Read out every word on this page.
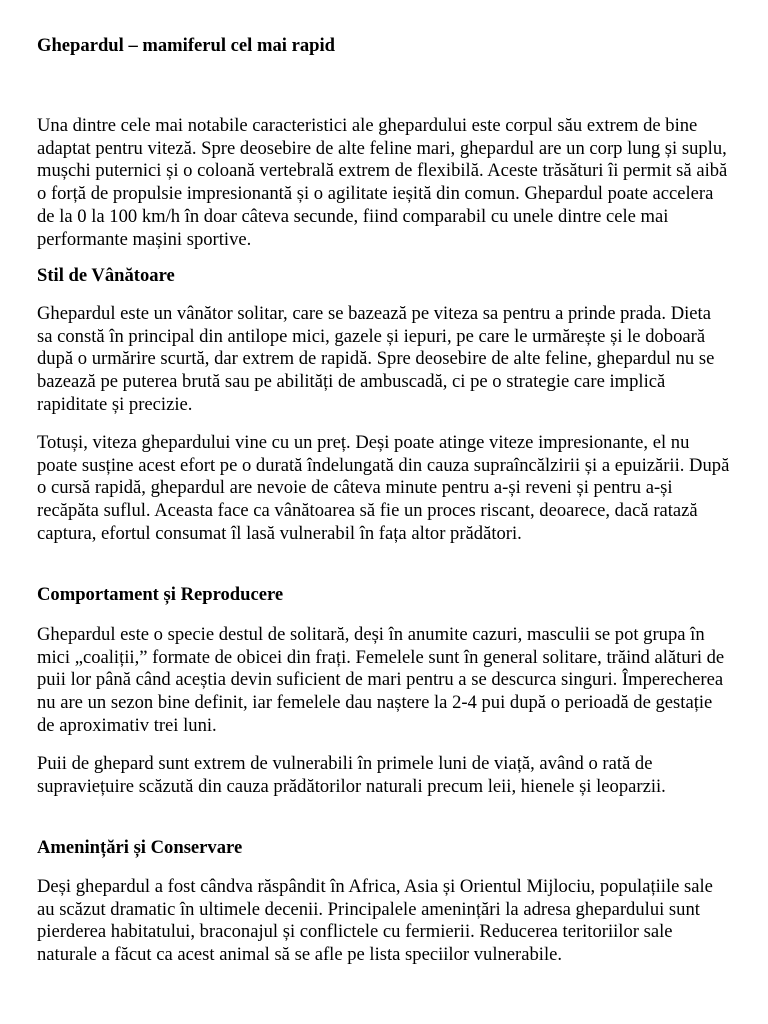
Ghepardul – mamiferul cel mai rapid

Una dintre cele mai notabile caracteristici ale ghepardului este corpul său extrem de bine adaptat pentru viteză. Spre deosebire de alte feline mari, ghepardul are un corp lung și suplu, mușchi puternici și o coloană vertebrală extrem de flexibilă. Aceste trăsături îi permit să aibă o forță de propulsie impresionantă și o agilitate ieșită din comun. Ghepardul poate accelera de la 0 la 100 km/h în doar câteva secunde, fiind comparabil cu unele dintre cele mai performante mașini sportive.

Stil de Vânătoare

Ghepardul este un vânător solitar, care se bazează pe viteza sa pentru a prinde prada. Dieta sa constă în principal din antilope mici, gazele și iepuri, pe care le urmărește și le doboară după o urmărire scurtă, dar extrem de rapidă. Spre deosebire de alte feline, ghepardul nu se bazează pe puterea brută sau pe abilități de ambuscadă, ci pe o strategie care implică rapiditate și precizie.

Totuși, viteza ghepardului vine cu un preț. Deși poate atinge viteze impresionante, el nu poate susține acest efort pe o durată îndelungată din cauza supraîncălzirii și a epuizării. După o cursă rapidă, ghepardul are nevoie de câteva minute pentru a-și reveni și pentru a-și recăpăta suflul. Aceasta face ca vânătoarea să fie un proces riscant, deoarece, dacă ratază captura, efortul consumat îl lasă vulnerabil în fața altor prădători.

Comportament și Reproducere

Ghepardul este o specie destul de solitară, deși în anumite cazuri, masculii se pot grupa în mici „coaliții,” formate de obicei din frați. Femelele sunt în general solitare, trăind alături de puii lor până când aceștia devin suficient de mari pentru a se descurca singuri. Împerecherea nu are un sezon bine definit, iar femelele dau naștere la 2-4 pui după o perioadă de gestație de aproximativ trei luni.

Puii de ghepard sunt extrem de vulnerabili în primele luni de viață, având o rată de supraviețuire scăzută din cauza prădătorilor naturali precum leii, hienele și leoparzii.

Amenințări și Conservare

Deși ghepardul a fost cândva răspândit în Africa, Asia și Orientul Mijlociu, populațiile sale au scăzut dramatic în ultimele decenii. Principalele amenințări la adresa ghepardului sunt pierderea habitatului, braconajul și conflictele cu fermierii. Reducerea teritoriilor sale naturale a făcut ca acest animal să se afle pe lista speciilor vulnerabile.
